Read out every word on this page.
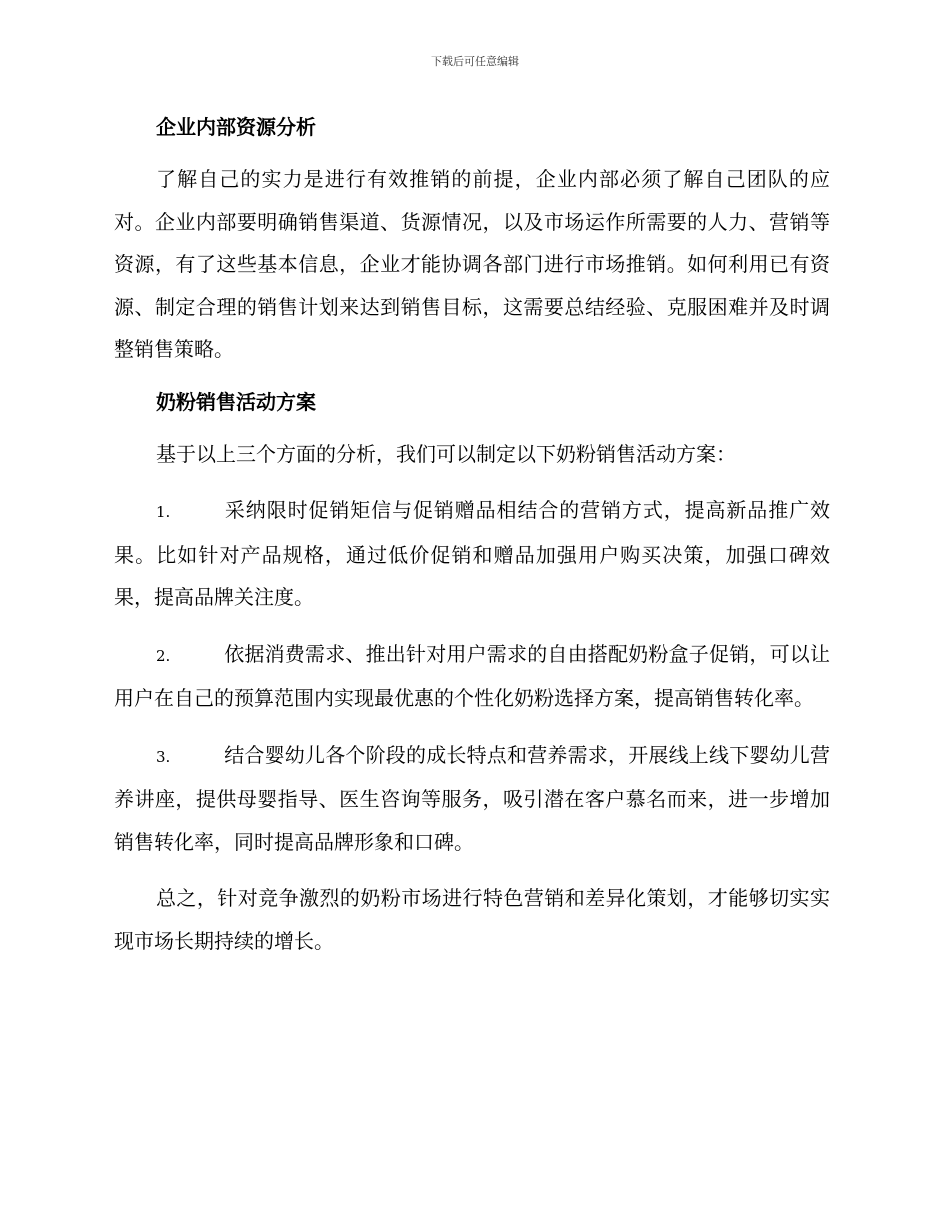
下载后可任意编辑
企业内部资源分析

了解自己的实力是进行有效推销的前提，企业内部必须了解自己团队的应对。企业内部要明确销售渠道、货源情况，以及市场运作所需要的人力、营销等资源，有了这些基本信息，企业才能协调各部门进行市场推销。如何利用已有资源、制定合理的销售计划来达到销售目标，这需要总结经验、克服困难并及时调整销售策略。

奶粉销售活动方案

基于以上三个方面的分析，我们可以制定以下奶粉销售活动方案：

1.	采纳限时促销矩信与促销赠品相结合的营销方式，提高新品推广效果。比如针对产品规格，通过低价促销和赠品加强用户购买决策，加强口碑效果，提高品牌关注度。

2.	依据消费需求、推出针对用户需求的自由搭配奶粉盒子促销，可以让用户在自己的预算范围内实现最优惠的个性化奶粉选择方案，提高销售转化率。

3.	结合婴幼儿各个阶段的成长特点和营养需求，开展线上线下婴幼儿营养讲座，提供母婴指导、医生咨询等服务，吸引潜在客户慕名而来，进一步增加销售转化率，同时提高品牌形象和口碑。

总之，针对竞争激烈的奶粉市场进行特色营销和差异化策划，才能够切实实现市场长期持续的增长。
